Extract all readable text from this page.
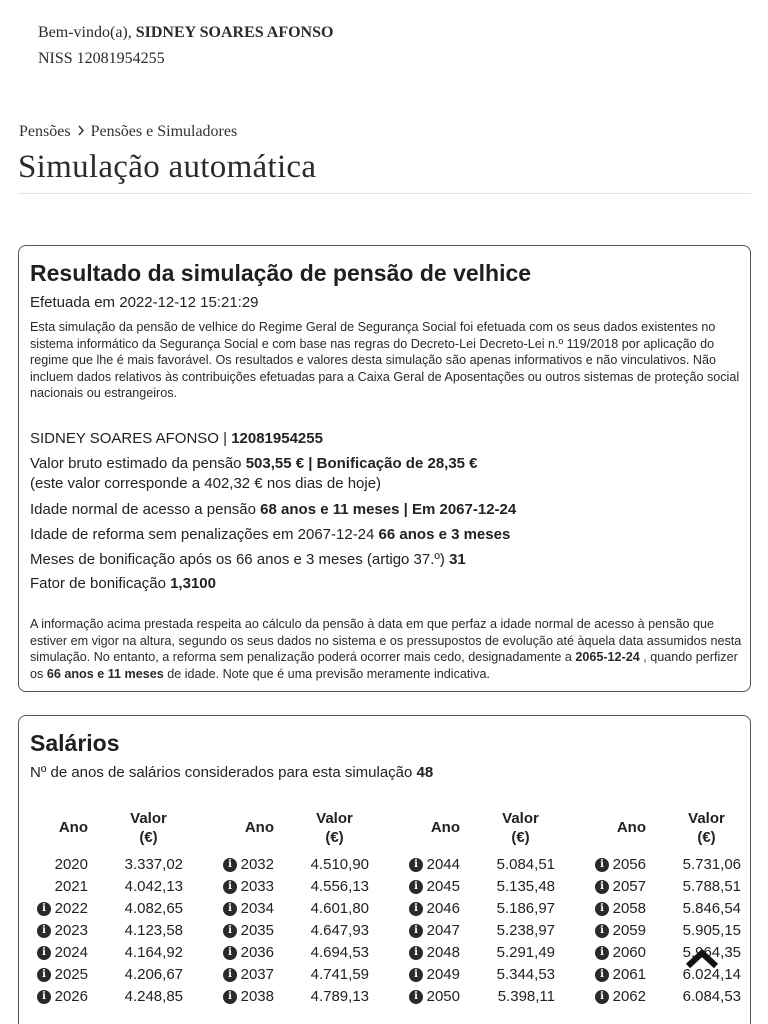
Bem-vindo(a), SIDNEY SOARES AFONSO
NISS 12081954255
Pensões Pensões e Simuladores
Simulação automática
Resultado da simulação de pensão de velhice
Efetuada em 2022-12-12 15:21:29

Esta simulação da pensão de velhice do Regime Geral de Segurança Social foi efetuada com os seus dados existentes no sistema informático da Segurança Social e com base nas regras do Decreto-Lei Decreto-Lei n.º 119/2018 por aplicação do regime que lhe é mais favorável. Os resultados e valores desta simulação são apenas informativos e não vinculativos. Não incluem dados relativos às contribuições efetuadas para a Caixa Geral de Aposentações ou outros sistemas de proteção social nacionais ou estrangeiros.

SIDNEY SOARES AFONSO | 12081954255
Valor bruto estimado da pensão 503,55 € | Bonificação de 28,35 €
(este valor corresponde a 402,32 € nos dias de hoje)
Idade normal de acesso a pensão 68 anos e 11 meses | Em 2067-12-24
Idade de reforma sem penalizações em 2067-12-24 66 anos e 3 meses
Meses de bonificação após os 66 anos e 3 meses (artigo 37.º) 31
Fator de bonificação 1,3100

A informação acima prestada respeita ao cálculo da pensão à data em que perfaz a idade normal de acesso à pensão que estiver em vigor na altura, segundo os seus dados no sistema e os pressupostos de evolução até àquela data assumidos nesta simulação. No entanto, a reforma sem penalização poderá ocorrer mais cedo, designadamente a 2065-12-24 , quando perfizer os 66 anos e 11 meses de idade. Note que é uma previsão meramente indicativa.

Salários
Nº de anos de salários considerados para esta simulação 48
Ano
Valor
(€)
2020	3.337,02
2021	4.042,13
i 2022	4.082,65
i 2023	4.123,58
i 2024	4.164,92
i 2025	4.206,67
i 2026	4.248,85
Ano
Valor
(€)
i 2032	4.510,90
i 2033	4.556,13
i 2034	4.601,80
i 2035	4.647,93
i 2036	4.694,53
i 2037	4.741,59
i 2038	4.789,13
Ano
Valor
(€)
i 2044	5.084,51
i 2045	5.135,48
i 2046	5.186,97
i 2047	5.238,97
i 2048	5.291,49
i 2049	5.344,53
i 2050	5.398,11
Ano
Valor
(€)
i 2056	5.731,06
i 2057	5.788,51
i 2058	5.846,54
i 2059	5.905,15
i 2060	5.964,35
i 2061	6.024,14
i 2062	6.084,53
